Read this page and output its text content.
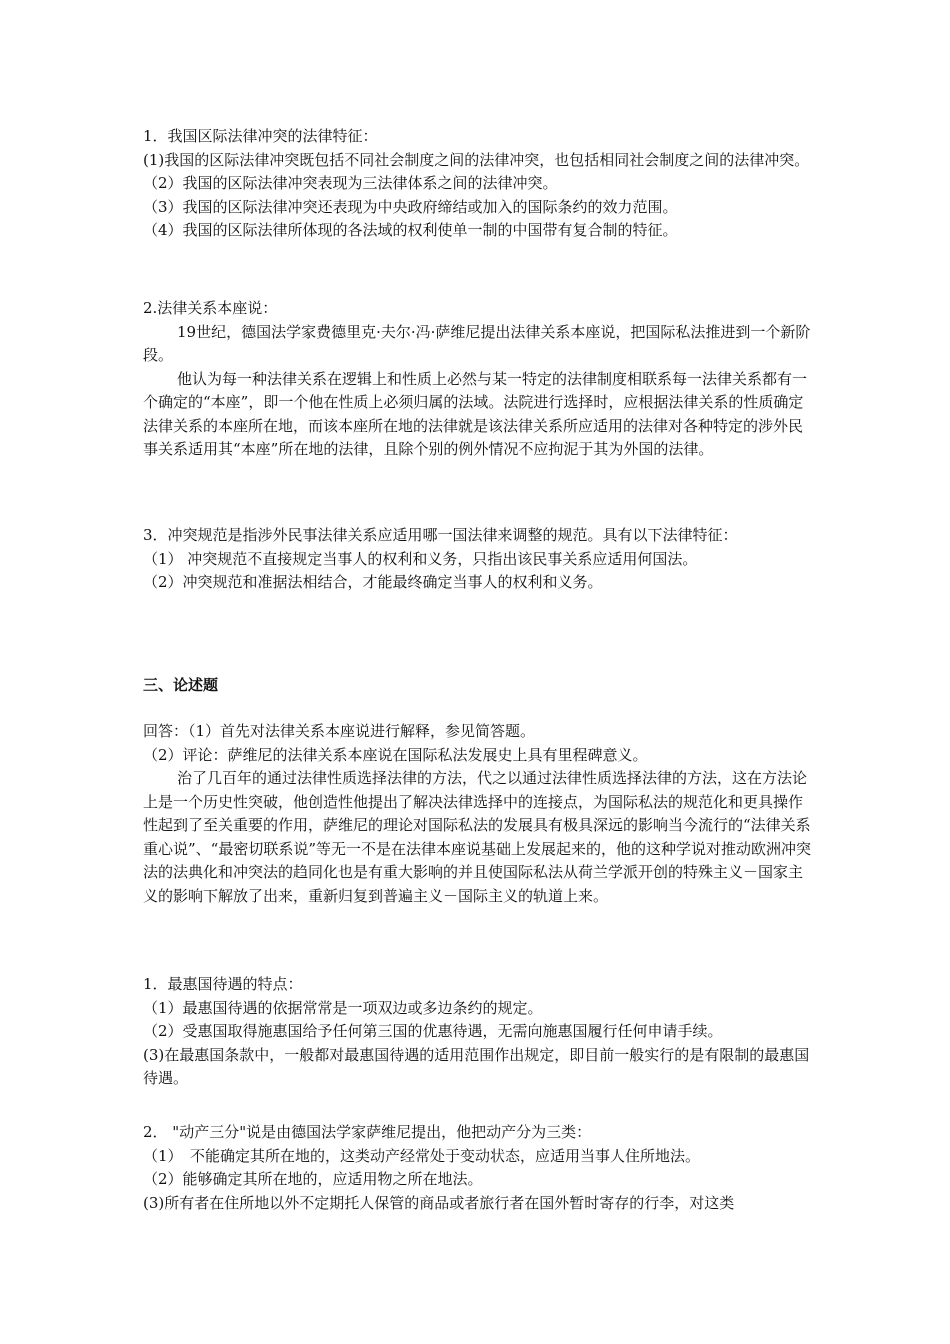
1．我国区际法律冲突的法律特征：

(1)我国的区际法律冲突既包括不同社会制度之间的法律冲突，也包括相同社会制度之间的法律冲突。

（2）我国的区际法律冲突表现为三法律体系之间的法律冲突。

（3）我国的区际法律冲突还表现为中央政府缔结或加入的国际条约的效力范围。

（4）我国的区际法律所体现的各法域的权利使单一制的中国带有复合制的特征。

2.法律关系本座说：

19世纪，德国法学家费德里克·夫尔·冯·萨维尼提出法律关系本座说，把国际私法推进到一个新阶段。

他认为每一种法律关系在逻辑上和性质上必然与某一特定的法律制度相联系每一法律关系都有一个确定的“本座”，即一个他在性质上必须归属的法域。法院进行选择时，应根据法律关系的性质确定法律关系的本座所在地，而该本座所在地的法律就是该法律关系所应适用的法律对各种特定的涉外民事关系适用其“本座”所在地的法律，且除个别的例外情况不应拘泥于其为外国的法律。

3．冲突规范是指涉外民事法律关系应适用哪一国法律来调整的规范。具有以下法律特征：

（1） 冲突规范不直接规定当事人的权利和义务，只指出该民事关系应适用何国法。

（2）冲突规范和准据法相结合，才能最终确定当事人的权利和义务。

三、论述题

回答：（1）首先对法律关系本座说进行解释，参见简答题。

（2）评论：萨维尼的法律关系本座说在国际私法发展史上具有里程碑意义。

治了几百年的通过法律性质选择法律的方法，代之以通过法律性质选择法律的方法，这在方法论上是一个历史性突破，他创造性他提出了解决法律选择中的连接点，为国际私法的规范化和更具操作性起到了至关重要的作用，萨维尼的理论对国际私法的发展具有极具深远的影响当今流行的“法律关系重心说”、“最密切联系说”等无一不是在法律本座说基础上发展起来的，他的这种学说对推动欧洲冲突法的法典化和冲突法的趋同化也是有重大影响的并且使国际私法从荷兰学派开创的特殊主义－国家主义的影响下解放了出来，重新归复到普遍主义－国际主义的轨道上来。

1．最惠国待遇的特点：

（1）最惠国待遇的依据常常是一项双边或多边条约的规定。

（2）受惠国取得施惠国给予任何第三国的优惠待遇，无需向施惠国履行任何申请手续。

(3)在最惠国条款中，一般都对最惠国待遇的适用范围作出规定，即目前一般实行的是有限制的最惠国待遇。

2． "动产三分"说是由德国法学家萨维尼提出，他把动产分为三类：

（1）　不能确定其所在地的，这类动产经常处于变动状态，应适用当事人住所地法。

（2）能够确定其所在地的，应适用物之所在地法。

(3)所有者在住所地以外不定期托人保管的商品或者旅行者在国外暂时寄存的行李，对这类
